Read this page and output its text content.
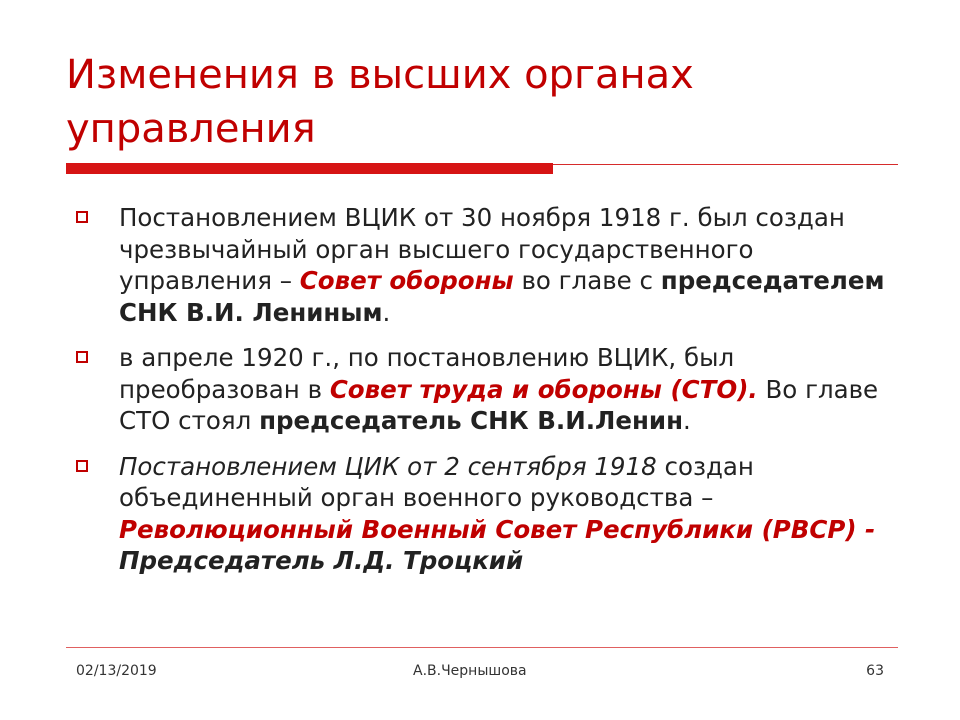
Изменения в высших органах управления
Постановлением ВЦИК от 30 ноября 1918 г. был создан чрезвычайный орган высшего государственного управления – Совет обороны во главе с председателем СНК В.И. Лениным.
в апреле 1920 г., по постановлению ВЦИК, был преобразован в Совет труда и обороны (СТО). Во главе СТО стоял председатель СНК В.И.Ленин.
Постановлением ЦИК от 2 сентября 1918 создан объединенный орган военного руководства – Революционный Военный Совет Республики (РВСР) - Председатель Л.Д. Троцкий
02/13/2019	А.В.Чернышова	63
